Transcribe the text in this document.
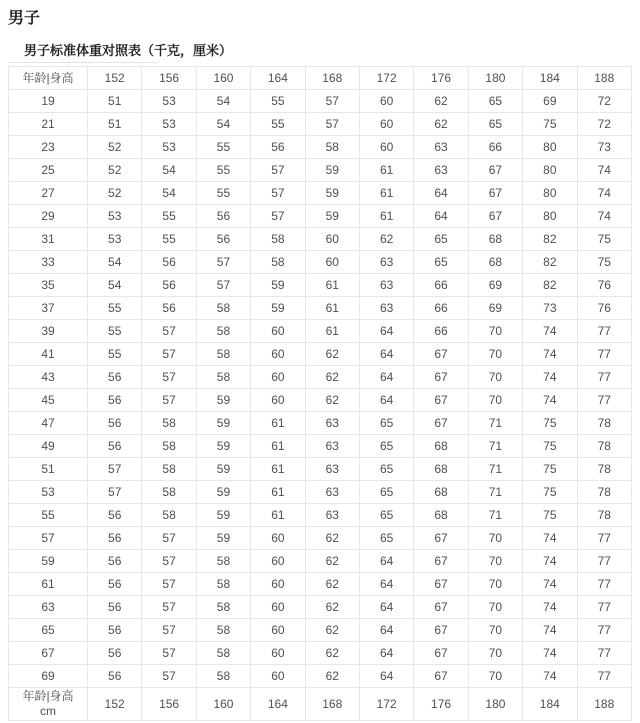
男子
男子标准体重对照表（千克，厘米）
年龄|身高	152	156	160	164	168	172	176	180	184	188
19	51	53	54	55	57	60	62	65	69	72
21	51	53	54	55	57	60	62	65	75	72
23	52	53	55	56	58	60	63	66	80	73
25	52	54	55	57	59	61	63	67	80	74
27	52	54	55	57	59	61	64	67	80	74
29	53	55	56	57	59	61	64	67	80	74
31	53	55	56	58	60	62	65	68	82	75
33	54	56	57	58	60	63	65	68	82	75
35	54	56	57	59	61	63	66	69	82	76
37	55	56	58	59	61	63	66	69	73	76
39	55	57	58	60	61	64	66	70	74	77
41	55	57	58	60	62	64	67	70	74	77
43	56	57	58	60	62	64	67	70	74	77
45	56	57	59	60	62	64	67	70	74	77
47	56	58	59	61	63	65	67	71	75	78
49	56	58	59	61	63	65	68	71	75	78
51	57	58	59	61	63	65	68	71	75	78
53	57	58	59	61	63	65	68	71	75	78
55	56	58	59	61	63	65	68	71	75	78
57	56	57	59	60	62	65	67	70	74	77
59	56	57	58	60	62	64	67	70	74	77
61	56	57	58	60	62	64	67	70	74	77
63	56	57	58	60	62	64	67	70	74	77
65	56	57	58	60	62	64	67	70	74	77
67	56	57	58	60	62	64	67	70	74	77
69	56	57	58	60	62	64	67	70	74	77

年龄|身高
cm	152	156	160	164	168	172	176	180	184	188
